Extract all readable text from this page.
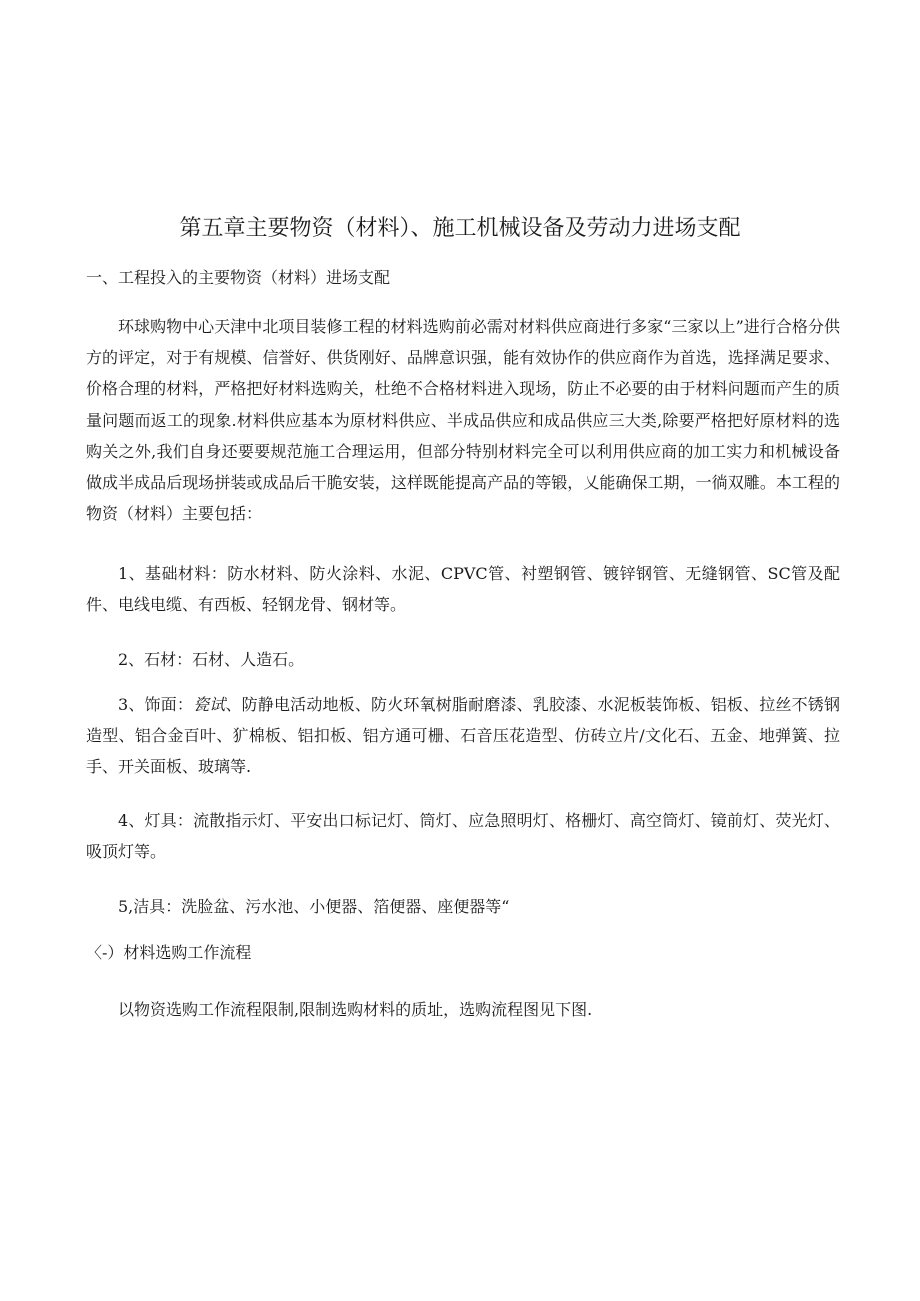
第五章主要物资（材料）、施工机械设备及劳动力进场支配

一、工程投入的主要物资（材料）进场支配

环球购物中心天津中北项目装修工程的材料选购前必需对材料供应商进行多家“三家以上”进行合格分供方的评定，对于有规模、信誉好、供货刚好、品牌意识强，能有效协作的供应商作为首选，选择满足要求、价格合理的材料，严格把好材料选购关，杜绝不合格材料进入现场，防止不必要的由于材料问题而产生的质量问题而返工的现象.材料供应基本为原材料供应、半成品供应和成品供应三大类,除要严格把好原材料的选购关之外,我们自身还要要规范施工合理运用，但部分特别材料完全可以利用供应商的加工实力和机械设备做成半成品后现场拼装或成品后干脆安装，这样既能提高产品的等锻，乂能确保工期，一徜双雕。本工程的物资（材料）主要包括：

1、基础材料：防水材料、防火涂料、水泥、CPVC管、衬塑钢管、镀锌钢管、无缝钢管、SC管及配件、电线电缆、有西板、轻钢龙骨、钢材等。

2、石材：石材、人造石。

3、饰面：瓷试、防静电活动地板、防火环氧树脂耐磨漆、乳胶漆、水泥板装饰板、铝板、拉丝不锈钢造型、铝合金百叶、犷棉板、铝扣板、铝方通可栅、石音压花造型、仿砖立片/文化石、五金、地弹簧、拉手、开关面板、玻璃等.

4、灯具：流散指示灯、平安出口标记灯、筒灯、应急照明灯、格栅灯、高空筒灯、镜前灯、荧光灯、吸顶灯等。

5,洁具：洗脸盆、污水池、小便器、箔便器、座便器等“

〈-）材料选购工作流程

以物资选购工作流程限制,限制选购材料的质址，选购流程图见下图.
